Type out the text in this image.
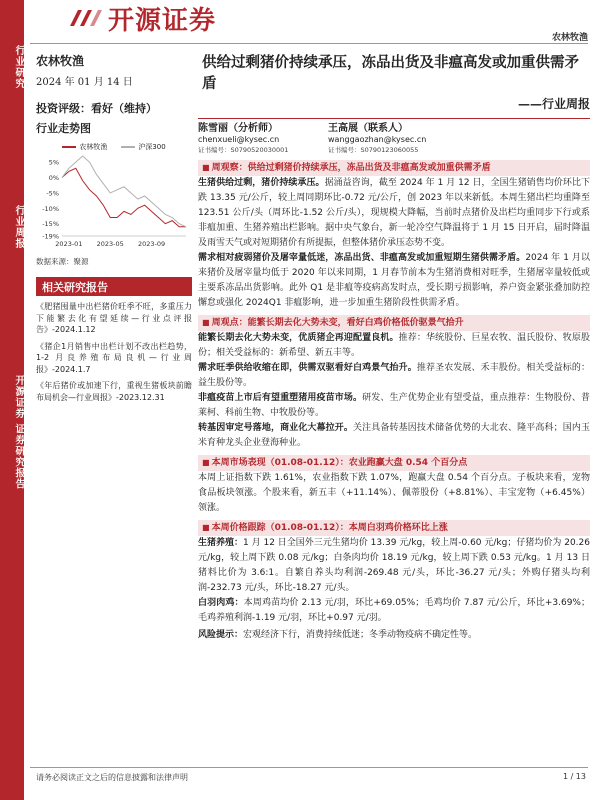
行业研究
行业周报
开源证券 证券研究报告
开源证券
农林牧渔
农林牧渔
2024 年 01 月 14 日
投资评级：看好（维持）
行业走势图
农林牧渔	沪深300
5%
0%
-5%
-10%
-15%
-19%
2023-01 2023-05 2023-09
数据来源：聚源
相关研究报告
《肥猪囤量中出栏猪价旺季不旺，多重压力下能繁去化有望延续—行业点评报告》-2024.1.12
《猪企1月销售中出栏计划不改出栏趋势，1-2 月良养殖布局良机—行业周报》-2024.1.7
《年后猪价或加速下行，重视生猪板块前瞻布局机会—行业周报》-2023.12.31
供给过剩猪价持续承压，冻品出货及非瘟高发或加重供需矛盾
——行业周报
陈雪丽（分析师）
chenxueli@kysec.cn
证书编号：S0790520030001
王高展（联系人）
wanggaozhan@kysec.cn
证书编号：S0790123060055
■ 周观察：供给过剩猪价持续承压，冻品出货及非瘟高发或加重供需矛盾

生猪供给过剩，猪价持续承压。据涌益咨询，截至 2024 年 1 月 12 日，全国生猪销售均价环比下跌 13.35 元/公斤，较上周同期环比-0.72 元/公斤，创 2023 年以来新低。本周生猪出栏均重降至 123.51 公斤/头（周环比-1.52 公斤/头），现规模大降幅，当前时点猪价及出栏均重同步下行或系非瘟加重、生猪养殖出栏影响。据中央气象台，新一轮冷空气降温将于 1 月 15 日开启，届时降温及雨雪天气或对短期猪价有所提振，但整体猪价承压态势不变。

需求相对疲弱猪价及屠宰量低迷，冻品出货、非瘟高发或加重短期生猪供需矛盾。2024 年 1 月以来猪价及屠宰量均低于 2020 年以来同期，1 月春节前本为生猪消费相对旺季，生猪屠宰量较低或主要系冻品出货影响。此外 Q1 是非瘟等疫病高发时点，受长期亏损影响，养户资金紧张叠加防控懈怠或强化 2024Q1 非瘟影响，进一步加重生猪阶段性供需矛盾。

■ 周观点：能繁长期去化大势未变，看好白鸡价格低价驱景气拾升

能繁长期去化大势未变，优质猪企再迎配置良机。推荐：华统股份、巨星农牧、温氏股份、牧原股份；相关受益标的：新希望、新五丰等。

需求旺季供给收缩在即，供需双驱看好白鸡景气抬升。推荐圣农发展、禾丰股份。相关受益标的：益生股份等。

非瘟疫苗上市后有望重塑猪用疫苗市场。研发、生产优势企业有望受益，重点推荐：生物股份、普莱柯、科前生物、中牧股份等。

转基因审定号落地，商业化大幕拉开。关注具备转基因技术储备优势的大北农、隆平高科；国内玉米育种龙头企业登海种业。

■ 本周市场表现（01.08-01.12）：农业跑赢大盘 0.54 个百分点

本周上证指数下跌 1.61%，农业指数下跌 1.07%，跑赢大盘 0.54 个百分点。子板块来看，宠物食品板块领涨。个股来看，新五丰（+11.14%）、佩蒂股份（+8.81%）、丰宝宠物（+6.45%）领涨。

■ 本周价格跟踪（01.08-01.12）：本周白羽鸡价格环比上涨

生猪养殖：1 月 12 日全国外三元生猪均价 13.39 元/kg，较上周-0.60 元/kg；仔猪均价为 20.26 元/kg，较上周下跌 0.08 元/kg；白条肉均价 18.19 元/kg，较上周下跌 0.53 元/kg。1 月 13 日猪料比价为 3.6:1。自繁自养头均利润-269.48 元/头，环比-36.27 元/头；外购仔猪头均利润-232.73 元/头，环比-18.27 元/头。

白羽肉鸡：本周鸡苗均价 2.13 元/羽，环比+69.05%；毛鸡均价 7.87 元/公斤，环比+3.69%；毛鸡养殖利润-1.19 元/羽，环比+0.97 元/羽。

风险提示：宏观经济下行，消费持续低迷；冬季动物疫病不确定性等。

请务必阅读正文之后的信息披露和法律声明	1 / 13
